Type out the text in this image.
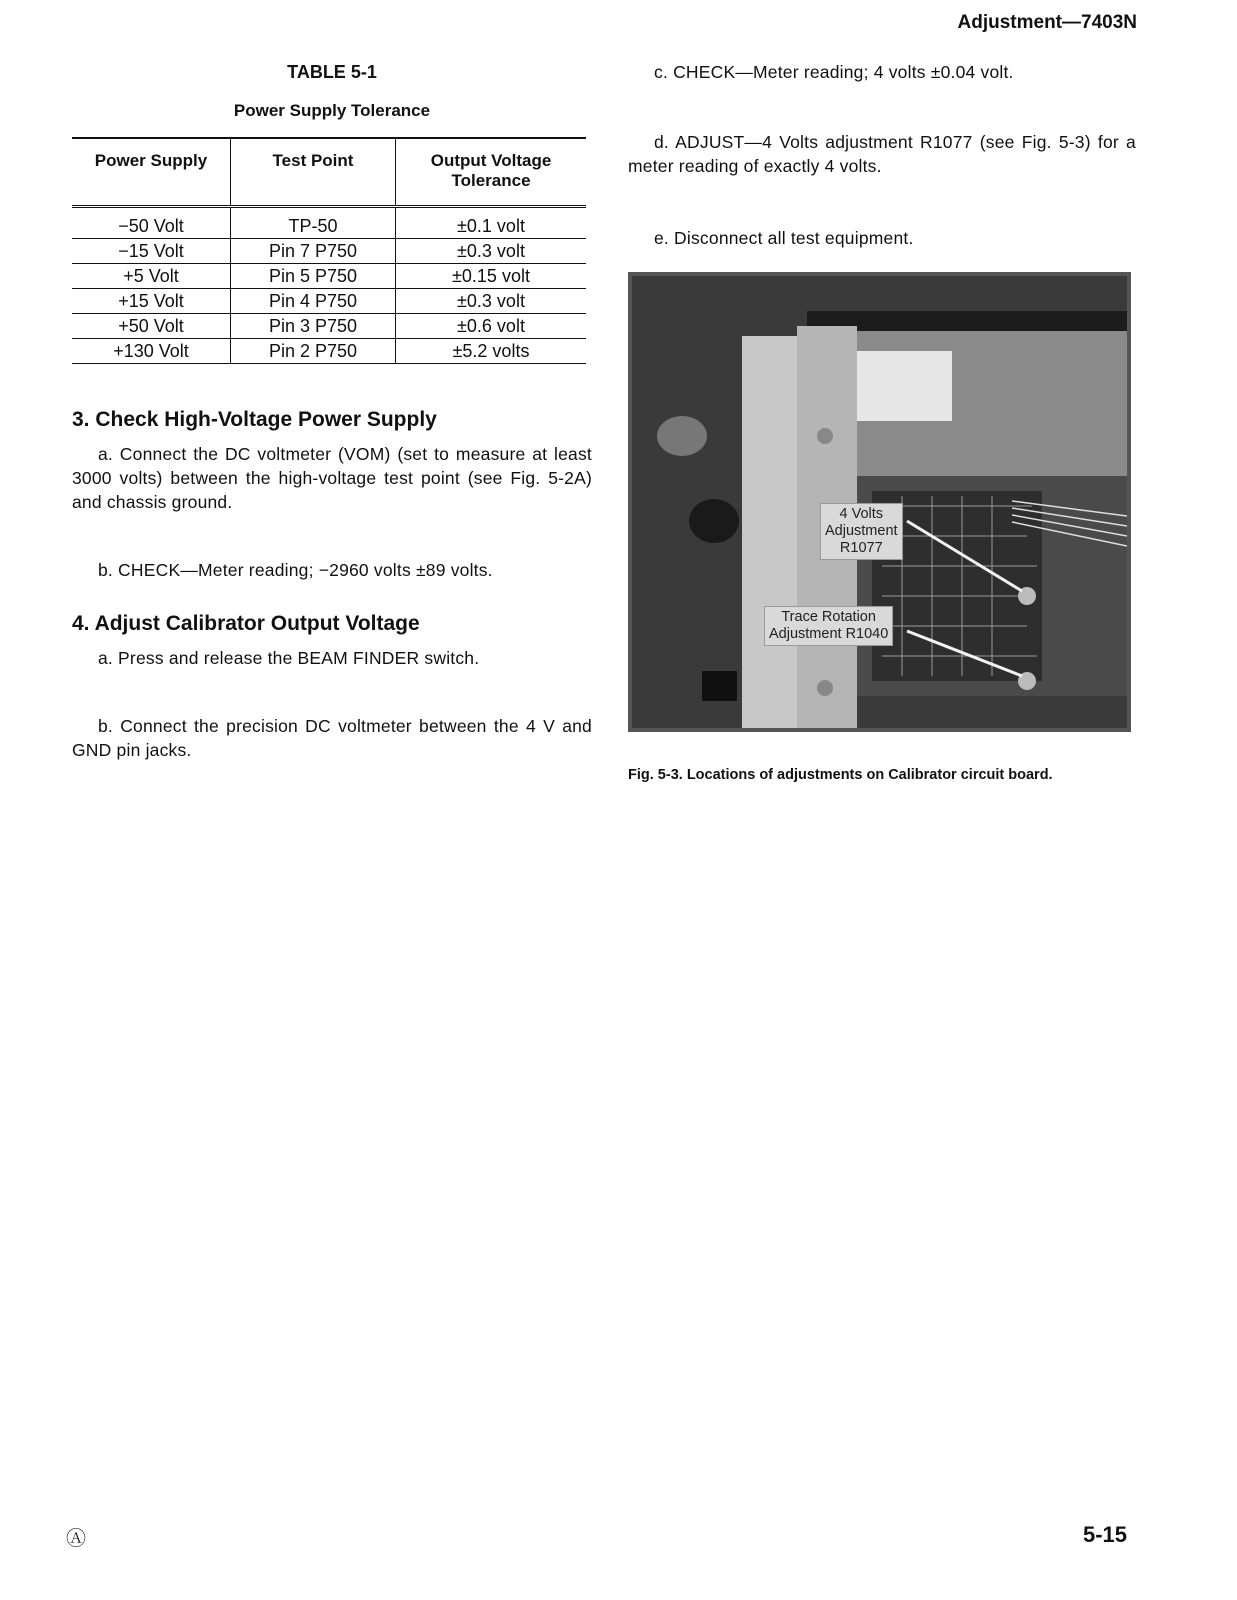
Adjustment—7403N
TABLE 5-1
Power Supply Tolerance
Power Supply	Test Point	Output Voltage Tolerance
−50 Volt	TP-50	±0.1 volt
−15 Volt	Pin 7 P750	±0.3 volt
+5 Volt	Pin 5 P750	±0.15 volt
+15 Volt	Pin 4 P750	±0.3 volt
+50 Volt	Pin 3 P750	±0.6 volt
+130 Volt	Pin 2 P750	±5.2 volts
3. Check High-Voltage Power Supply

a. Connect the DC voltmeter (VOM) (set to measure at least 3000 volts) between the high-voltage test point (see Fig. 5-2A) and chassis ground.

b. CHECK—Meter reading; −2960 volts ±89 volts.

4. Adjust Calibrator Output Voltage

a. Press and release the BEAM FINDER switch.

b. Connect the precision DC voltmeter between the 4 V and GND pin jacks.

c. CHECK—Meter reading; 4 volts ±0.04 volt.

d. ADJUST—4 Volts adjustment R1077 (see Fig. 5-3) for a meter reading of exactly 4 volts.

e. Disconnect all test equipment.

4 Volts
Adjustment
R1077
Trace Rotation
Adjustment R1040
Fig. 5-3. Locations of adjustments on Calibrator circuit board.
Ⓐ	5-15
